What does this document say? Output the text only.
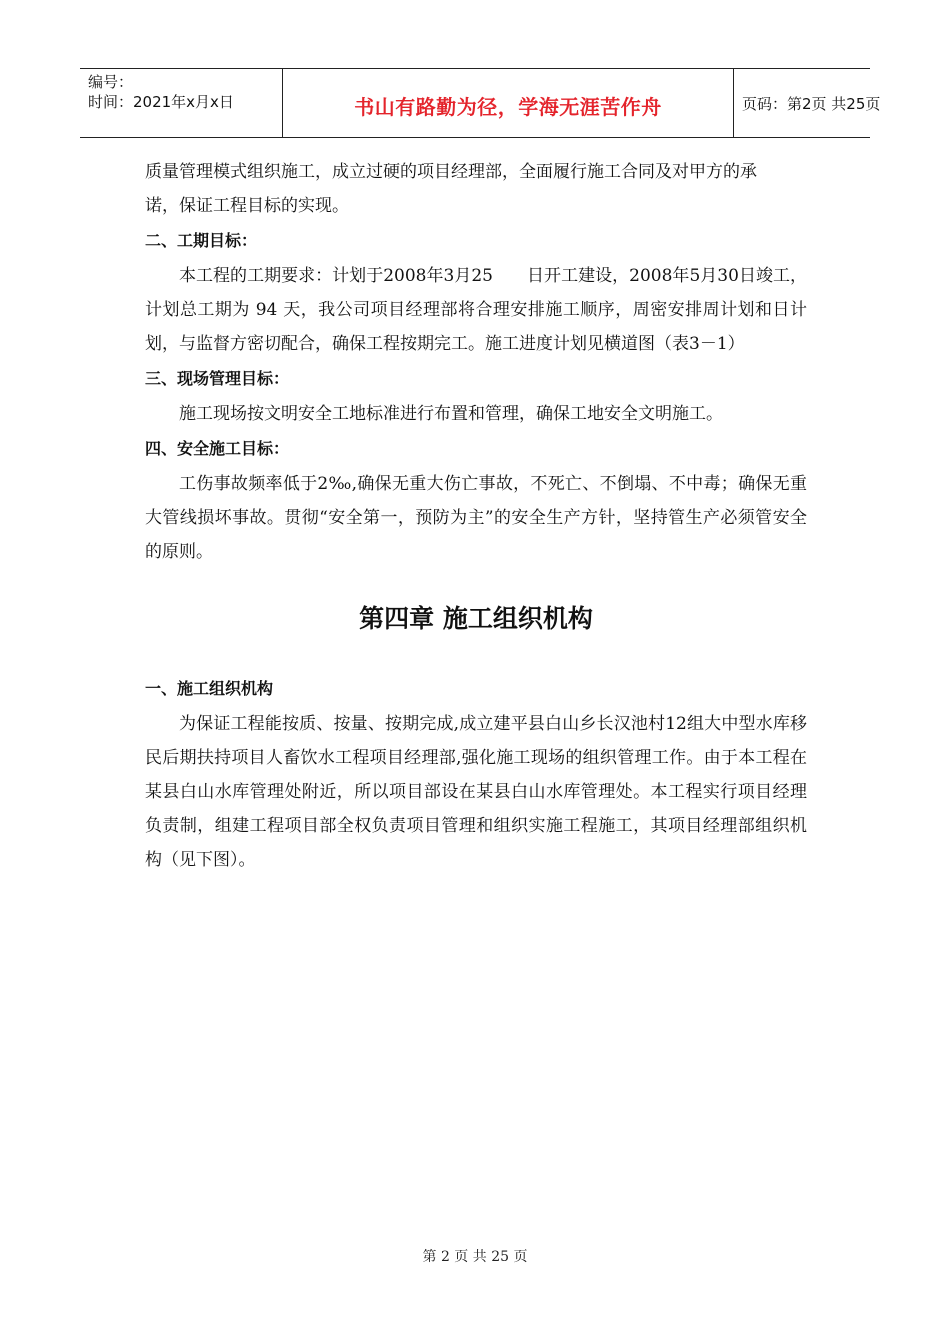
编号：
时间：2021年x月x日	书山有路勤为径，学海无涯苦作舟	页码：第2页 共25页

质量管理模式组织施工，成立过硬的项目经理部，全面履行施工合同及对甲方的承

诺，保证工程目标的实现。

二、工期目标：

本工程的工期要求：计划于2008年3月25　　日开工建设，2008年5月30日竣工，计划总工期为 94 天，我公司项目经理部将合理安排施工顺序，周密安排周计划和日计划，与监督方密切配合，确保工程按期完工。施工进度计划见横道图（表3－1）

三、现场管理目标：

施工现场按文明安全工地标准进行布置和管理，确保工地安全文明施工。

四、安全施工目标：

工伤事故频率低于2‰,确保无重大伤亡事故，不死亡、不倒塌、不中毒；确保无重大管线损坏事故。贯彻“安全第一，预防为主”的安全生产方针，坚持管生产必须管安全的原则。

第四章 施工组织机构
一、施工组织机构

为保证工程能按质、按量、按期完成,成立建平县白山乡长汉池村12组大中型水库移民后期扶持项目人畜饮水工程项目经理部,强化施工现场的组织管理工作。由于本工程在某县白山水库管理处附近，所以项目部设在某县白山水库管理处。本工程实行项目经理负责制，组建工程项目部全权负责项目管理和组织实施工程施工，其项目经理部组织机构（见下图）。

第 2 页 共 25 页
